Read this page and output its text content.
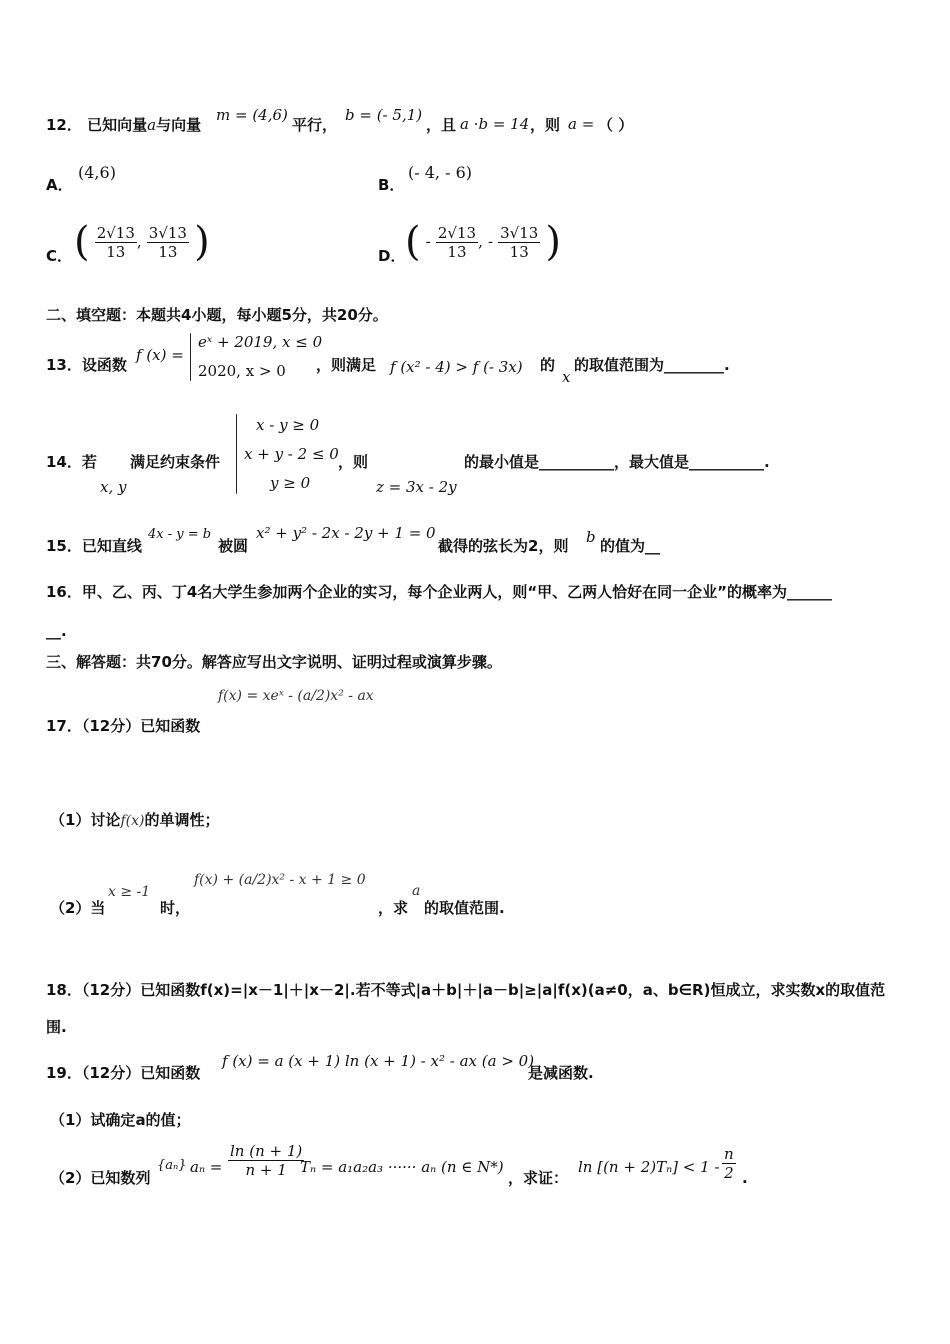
12． 已知向量a与向量
m = (4,6)
平行，
b = (- 5,1)
，且 a ·b = 14 ，则 a = （ ）
A．
(4,6)
B．
(- 4, - 6)
C． ( $\frac{2√13}{13}$ , $\frac{3√13}{13}$ )	D． ( - $\frac{2√13}{13}$ , - $\frac{3√13}{13}$ )
二、填空题：本题共4小题，每小题5分，共20分。
13．设函数
f (x) =
eˣ + 2019, x ≤ 0
2020, x > 0 ，则满足 f (x² - 4) > f (- 3x) 的
x
的取值范围为________.
14．若
x, y
满足约束条件
x - y ≥ 0
x + y - 2 ≤ 0
y ≥ 0
，则
z = 3x - 2y
的最小值是__________，最大值是__________.
15．已知直线
4x - y = b
被圆
x² + y² - 2x - 2y + 1 = 0
截得的弦长为2，则 b 的值为__
16．甲、乙、丙、丁4名大学生参加两个企业的实习，每个企业两人，则“甲、乙两人恰好在同一企业”的概率为______
__.
三、解答题：共70分。解答应写出文字说明、证明过程或演算步骤。
f(x) = xeˣ - (a/2)x² - ax
17．（12分）已知函数
（1）讨论f(x)的单调性；
（2）当
x ≥ -1
时，
f(x) + (a/2)x² - x + 1 ≥ 0
，求
a
的取值范围.
18．（12分）已知函数f(x)=|x－1|＋|x－2|.若不等式|a＋b|＋|a－b|≥|a|f(x)(a≠0，a、b∈R)恒成立，求实数x的取值范
围.
19．（12分）已知函数
f (x) = a (x + 1) ln (x + 1) - x² - ax (a > 0)
是减函数.
（1）试确定a的值；
（2）已知数列
{aₙ} $a_n = \frac{\ln (n + 1)}{n + 1}$
Tₙ = a₁a₂a₃ ······ aₙ (n ∈ N*)
，求证：
$\ln [(n + 2)T_n] < 1 - \frac{n}{2}$ .
